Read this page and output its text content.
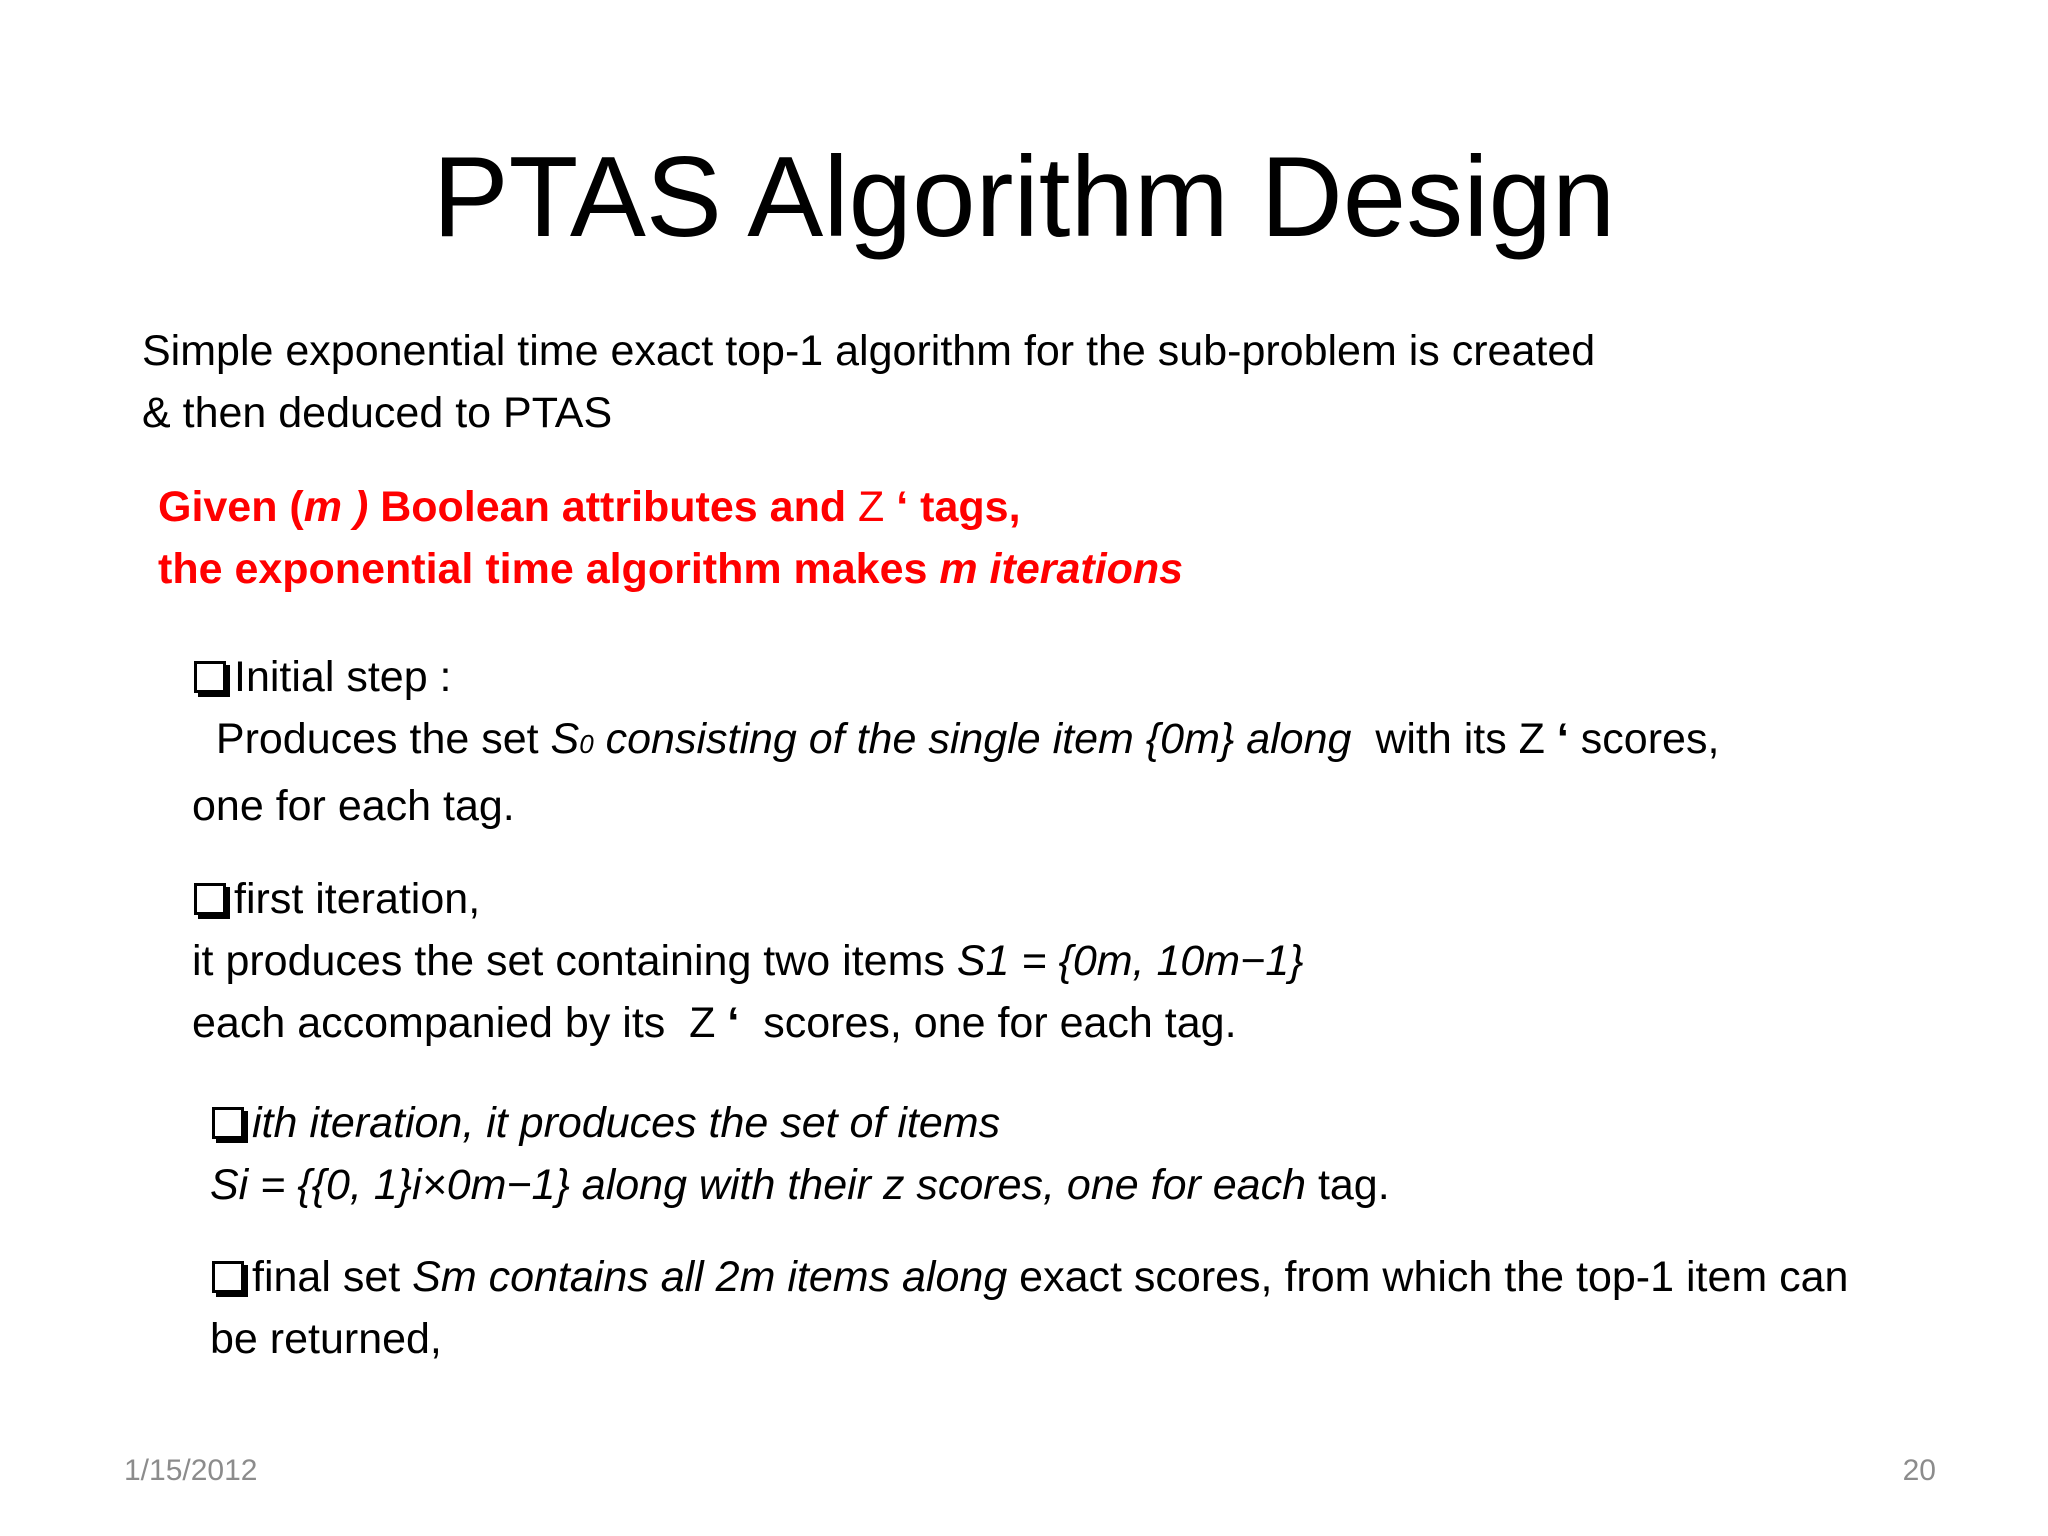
PTAS Algorithm Design
Simple exponential time exact top-1 algorithm for the sub-problem is created
& then deduced to PTAS
Given (m ) Boolean attributes and Z ‘ tags,
the exponential time algorithm makes m iterations
Initial step :
Produces the set S0 consisting of the single item {0m} along  with its Z ‘ scores,
one for each tag.
first iteration,
it produces the set containing two items S1 = {0m, 10m−1}
each accompanied by its  Z ‘  scores, one for each tag.
ith iteration, it produces the set of items
Si = {{0, 1}i×0m−1} along with their z scores, one for each tag.
final set Sm contains all 2m items along exact scores, from which the top-1 item can
be returned,
1/15/2012	20
